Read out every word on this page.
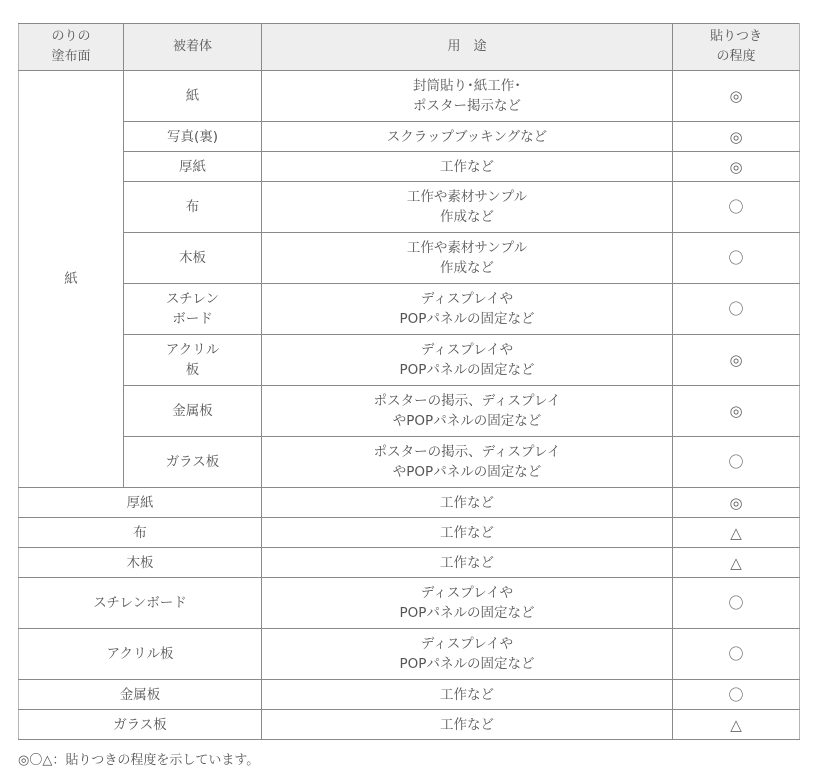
のりの
塗布面	被着体	用　途	貼りつき
の程度
紙	紙	封筒貼り･紙工作･
ポスター掲示など	◎
	写真(裏)	スクラップブッキングなど	◎
	厚紙	工作など	◎
	布	工作や素材サンプル
作成など	〇
	木板	工作や素材サンプル
作成など	〇
	スチレン
ボード	ディスプレイや
POPパネルの固定など	〇
	アクリル
板	ディスプレイや
POPパネルの固定など	◎
	金属板	ポスターの掲示、ディスプレイ
やPOPパネルの固定など	◎
	ガラス板	ポスターの掲示、ディスプレイ
やPOPパネルの固定など	〇
厚紙		工作など	◎
布		工作など	△
木板		工作など	△
スチレンボード		ディスプレイや
POPパネルの固定など	〇
アクリル板		ディスプレイや
POPパネルの固定など	〇
金属板		工作など	〇
ガラス板		工作など	△
◎〇△：貼りつきの程度を示しています。
